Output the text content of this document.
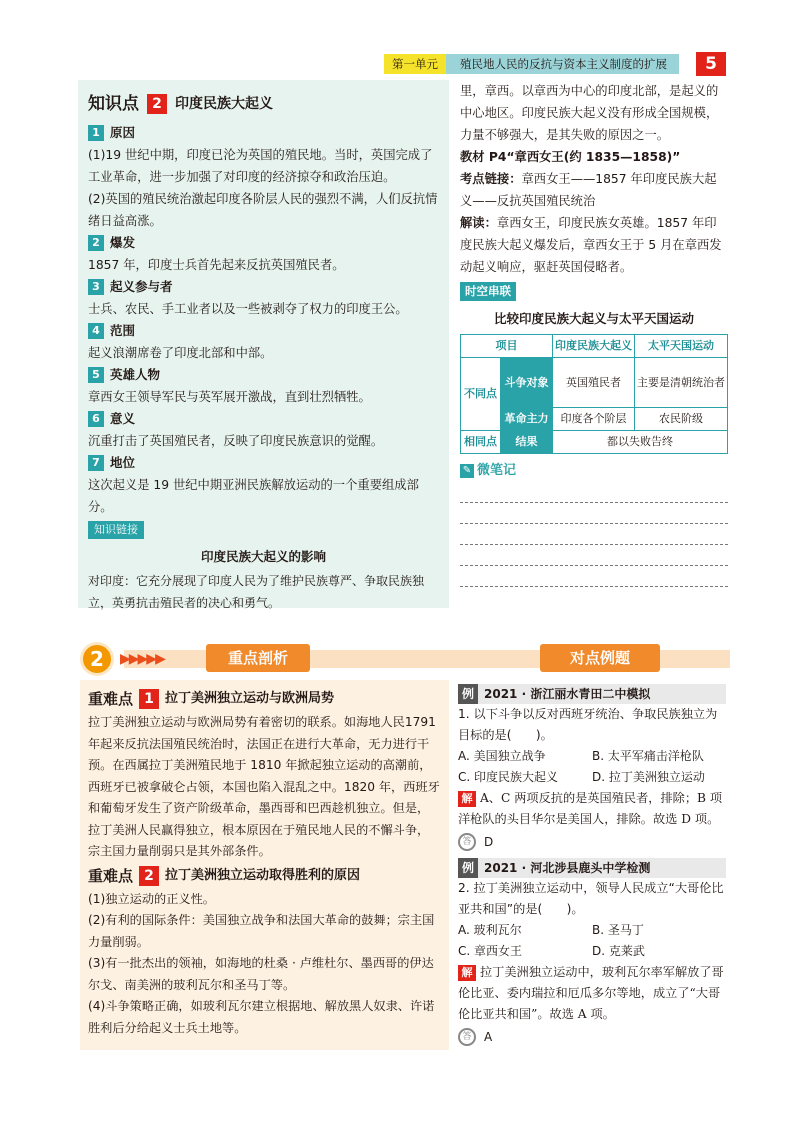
第一单元	殖民地人民的反抗与资本主义制度的扩展	5
知识点 2 印度民族大起义
1 原因
(1)19 世纪中期，印度已沦为英国的殖民地。当时，英国完成了工业革命，进一步加强了对印度的经济掠夺和政治压迫。
(2)英国的殖民统治激起印度各阶层人民的强烈不满，人们反抗情绪日益高涨。
2 爆发
1857 年，印度士兵首先起来反抗英国殖民者。
3 起义参与者
士兵、农民、手工业者以及一些被剥夺了权力的印度王公。
4 范围
起义浪潮席卷了印度北部和中部。
5 英雄人物
章西女王领导军民与英军展开激战，直到壮烈牺牲。
6 意义
沉重打击了英国殖民者，反映了印度民族意识的觉醒。
7 地位
这次起义是 19 世纪中期亚洲民族解放运动的一个重要组成部分。
知识链接
印度民族大起义的影响
对印度：它充分展现了印度人民为了维护民族尊严、争取民族独立，英勇抗击殖民者的决心和勇气。
里，章西。以章西为中心的印度北部，是起义的中心地区。印度民族大起义没有形成全国规模，力量不够强大，是其失败的原因之一。
教材 P4“章西女王(约 1835—1858)”
考点链接：章西女王——1857 年印度民族大起义——反抗英国殖民统治
解读：章西女王，印度民族女英雄。1857 年印度民族大起义爆发后，章西女王于 5 月在章西发动起义响应，驱赶英国侵略者。
时空串联
比较印度民族大起义与太平天国运动
项目		印度民族大起义	太平天国运动
不同点	斗争对象	英国殖民者	主要是清朝统治者
	革命主力	印度各个阶层	农民阶级
相同点	结果	都以失败告终	
✎ 微笔记
2	▶▶▶▶▶	重点剖析	对点例题
重难点 1 拉丁美洲独立运动与欧洲局势
拉丁美洲独立运动与欧洲局势有着密切的联系。如海地人民1791 年起来反抗法国殖民统治时，法国正在进行大革命，无力进行干预。在西属拉丁美洲殖民地于 1810 年掀起独立运动的高潮前，西班牙已被拿破仑占领，本国也陷入混乱之中。1820 年，西班牙和葡萄牙发生了资产阶级革命，墨西哥和巴西趁机独立。但是，拉丁美洲人民赢得独立，根本原因在于殖民地人民的不懈斗争，宗主国力量削弱只是其外部条件。
重难点 2 拉丁美洲独立运动取得胜利的原因
(1)独立运动的正义性。
(2)有利的国际条件：美国独立战争和法国大革命的鼓舞；宗主国力量削弱。
(3)有一批杰出的领袖，如海地的杜桑 · 卢维杜尔、墨西哥的伊达尔戈、南美洲的玻利瓦尔和圣马丁等。
(4)斗争策略正确，如玻利瓦尔建立根据地、解放黑人奴隶、许诺胜利后分给起义士兵土地等。
例 2021 · 浙江丽水青田二中模拟
1. 以下斗争以反对西班牙统治、争取民族独立为目标的是(　　)。
A. 美国独立战争	B. 太平军痛击洋枪队
C. 印度民族大起义	D. 拉丁美洲独立运动
解 A、C 两项反抗的是英国殖民者，排除；B 项洋枪队的头目华尔是美国人，排除。故选 D 项。
答	D
例 2021 · 河北涉县鹿头中学检测
2. 拉丁美洲独立运动中，领导人民成立“大哥伦比亚共和国”的是(　　)。
A. 玻利瓦尔	B. 圣马丁
C. 章西女王	D. 克莱武
解 拉丁美洲独立运动中，玻利瓦尔率军解放了哥伦比亚、委内瑞拉和厄瓜多尔等地，成立了“大哥伦比亚共和国”。故选 A 项。
答	A
